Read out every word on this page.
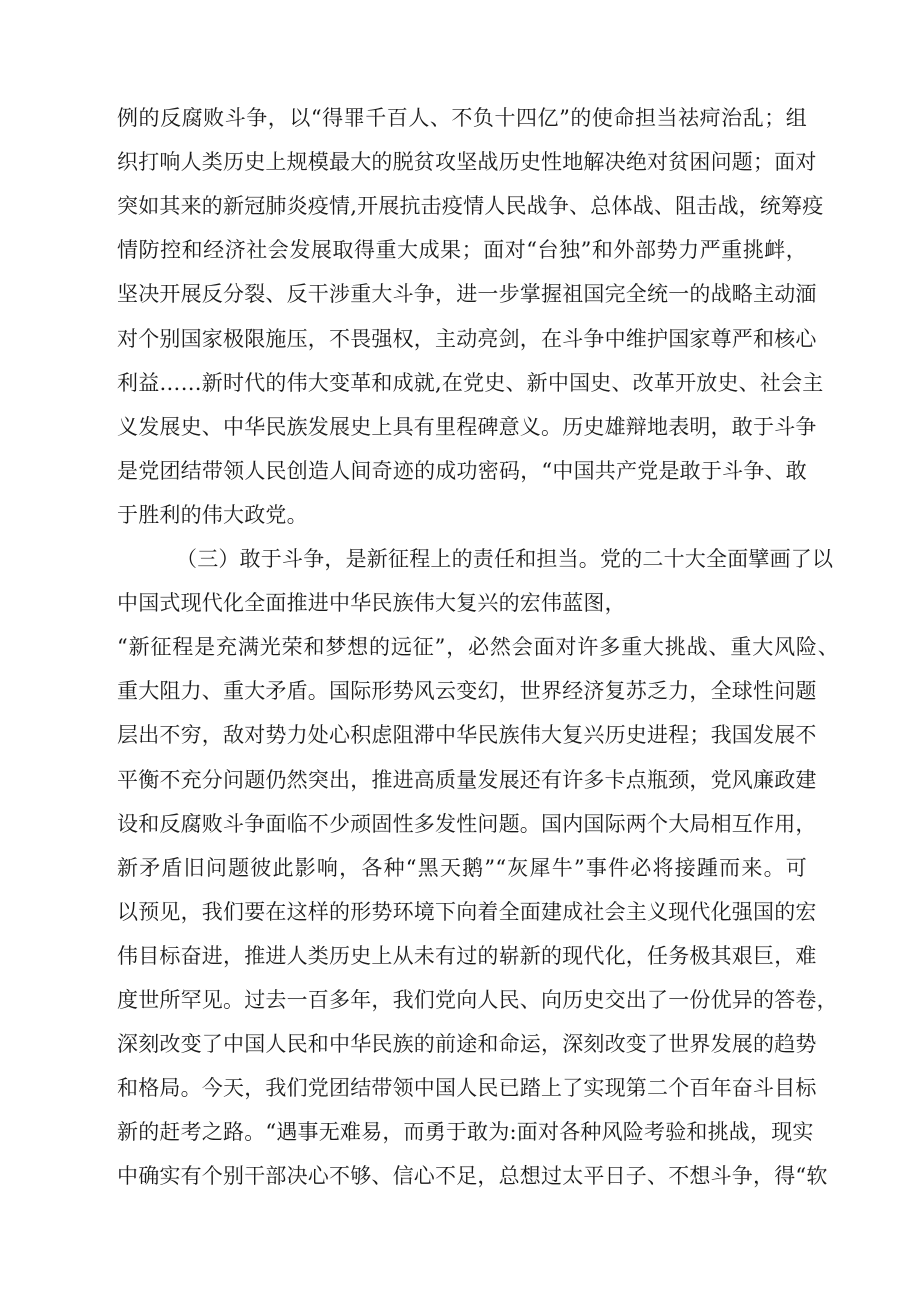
例的反腐败斗争，以“得罪千百人、不负十四亿”的使命担当祛疴治乱；组
织打响人类历史上规模最大的脱贫攻坚战历史性地解决绝对贫困问题；面对
突如其来的新冠肺炎疫情,开展抗击疫情人民战争、总体战、阻击战，统筹疫
情防控和经济社会发展取得重大成果；面对“台独”和外部势力严重挑衅，
坚决开展反分裂、反干涉重大斗争，进一步掌握祖国完全统一的战略主动湎
对个别国家极限施压，不畏强权，主动亮剑，在斗争中维护国家尊严和核心
利益……新时代的伟大变革和成就,在党史、新中国史、改革开放史、社会主
义发展史、中华民族发展史上具有里程碑意义。历史雄辩地表明，敢于斗争
是党团结带领人民创造人间奇迹的成功密码，“中国共产党是敢于斗争、敢
于胜利的伟大政党。
（三）敢于斗争，是新征程上的责任和担当。党的二十大全面擘画了以
中国式现代化全面推进中华民族伟大复兴的宏伟蓝图，
“新征程是充满光荣和梦想的远征”，必然会面对许多重大挑战、重大风险、
重大阻力、重大矛盾。国际形势风云变幻，世界经济复苏乏力，全球性问题
层出不穷，敌对势力处心积虑阻滞中华民族伟大复兴历史进程；我国发展不
平衡不充分问题仍然突出，推进高质量发展还有许多卡点瓶颈，党风廉政建
设和反腐败斗争面临不少顽固性多发性问题。国内国际两个大局相互作用，
新矛盾旧问题彼此影响，各种“黑天鹅”“灰犀牛”事件必将接踵而来。可
以预见，我们要在这样的形势环境下向着全面建成社会主义现代化强国的宏
伟目标奋进，推进人类历史上从未有过的崭新的现代化，任务极其艰巨，难
度世所罕见。过去一百多年，我们党向人民、向历史交出了一份优异的答卷，
深刻改变了中国人民和中华民族的前途和命运，深刻改变了世界发展的趋势
和格局。今天，我们党团结带领中国人民已踏上了实现第二个百年奋斗目标
新的赶考之路。“遇事无难易，而勇于敢为:面对各种风险考验和挑战，现实
中确实有个别干部决心不够、信心不足，总想过太平日子、不想斗争，得“软
